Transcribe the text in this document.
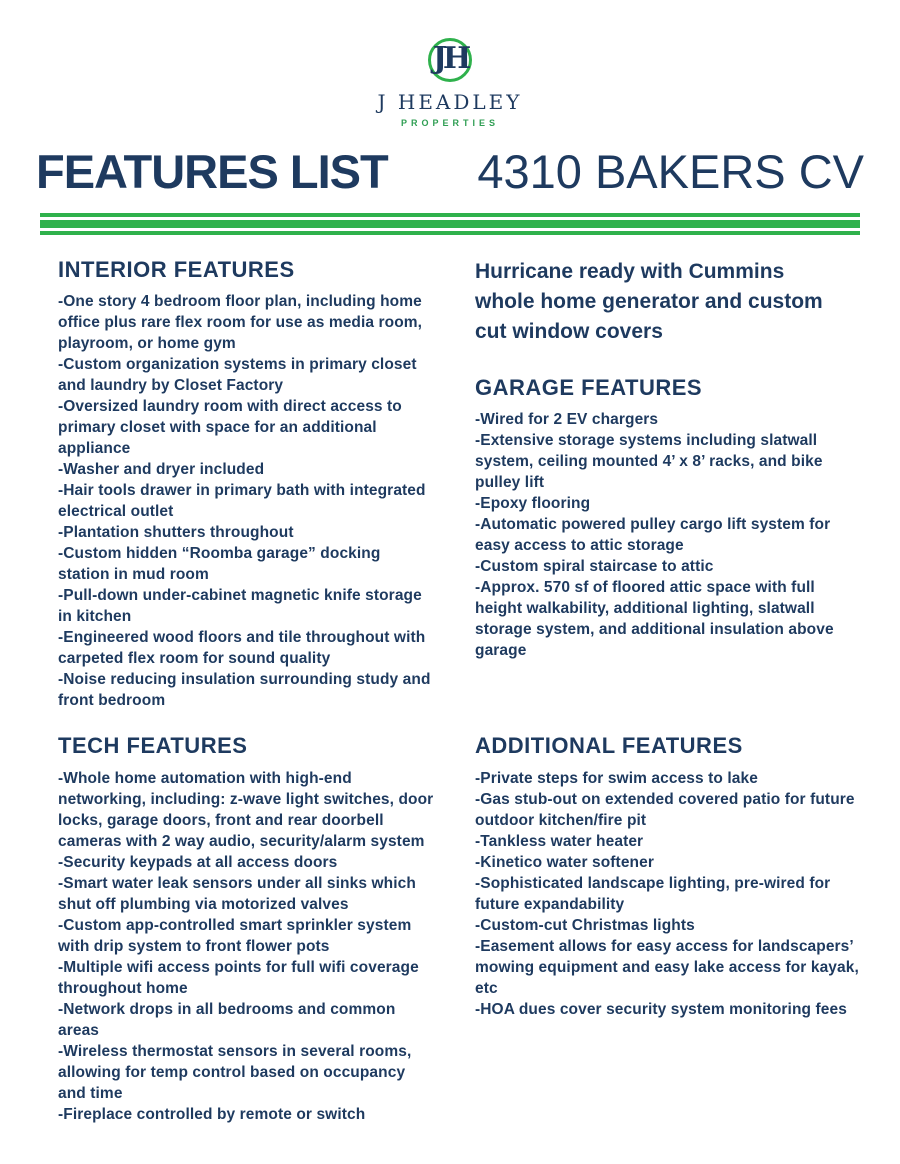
JH
J HEADLEY
PROPERTIES
FEATURES LIST 4310 BAKERS CV
INTERIOR FEATURES
-One story 4 bedroom floor plan, including home office plus rare flex room for use as media room, playroom, or home gym
-Custom organization systems in primary closet and laundry by Closet Factory
-Oversized laundry room with direct access to primary closet with space for an additional appliance
-Washer and dryer included
-Hair tools drawer in primary bath with integrated electrical outlet
-Plantation shutters throughout
-Custom hidden “Roomba garage” docking station in mud room
-Pull-down under-cabinet magnetic knife storage in kitchen
-Engineered wood floors and tile throughout with carpeted flex room for sound quality
-Noise reducing insulation surrounding study and front bedroom

Hurricane ready with Cummins whole home generator and custom cut window covers

GARAGE FEATURES
-Wired for 2 EV chargers
-Extensive storage systems including slatwall system, ceiling mounted 4’ x 8’ racks, and bike pulley lift
-Epoxy flooring
-Automatic powered pulley cargo lift system for easy access to attic storage
-Custom spiral staircase to attic
-Approx. 570 sf of floored attic space with full height walkability, additional lighting, slatwall storage system, and additional insulation above garage
TECH FEATURES
-Whole home automation with high-end networking, including: z-wave light switches, door locks, garage doors, front and rear doorbell cameras with 2 way audio, security/alarm system
-Security keypads at all access doors
-Smart water leak sensors under all sinks which shut off plumbing via motorized valves
-Custom app-controlled smart sprinkler system with drip system to front flower pots
-Multiple wifi access points for full wifi coverage throughout home
-Network drops in all bedrooms and common areas
-Wireless thermostat sensors in several rooms, allowing for temp control based on occupancy and time
-Fireplace controlled by remote or switch
ADDITIONAL FEATURES
-Private steps for swim access to lake
-Gas stub-out on extended covered patio for future outdoor kitchen/fire pit
-Tankless water heater
-Kinetico water softener
-Sophisticated landscape lighting, pre-wired for future expandability
-Custom-cut Christmas lights
-Easement allows for easy access for landscapers’ mowing equipment and easy lake access for kayak, etc
-HOA dues cover security system monitoring fees
